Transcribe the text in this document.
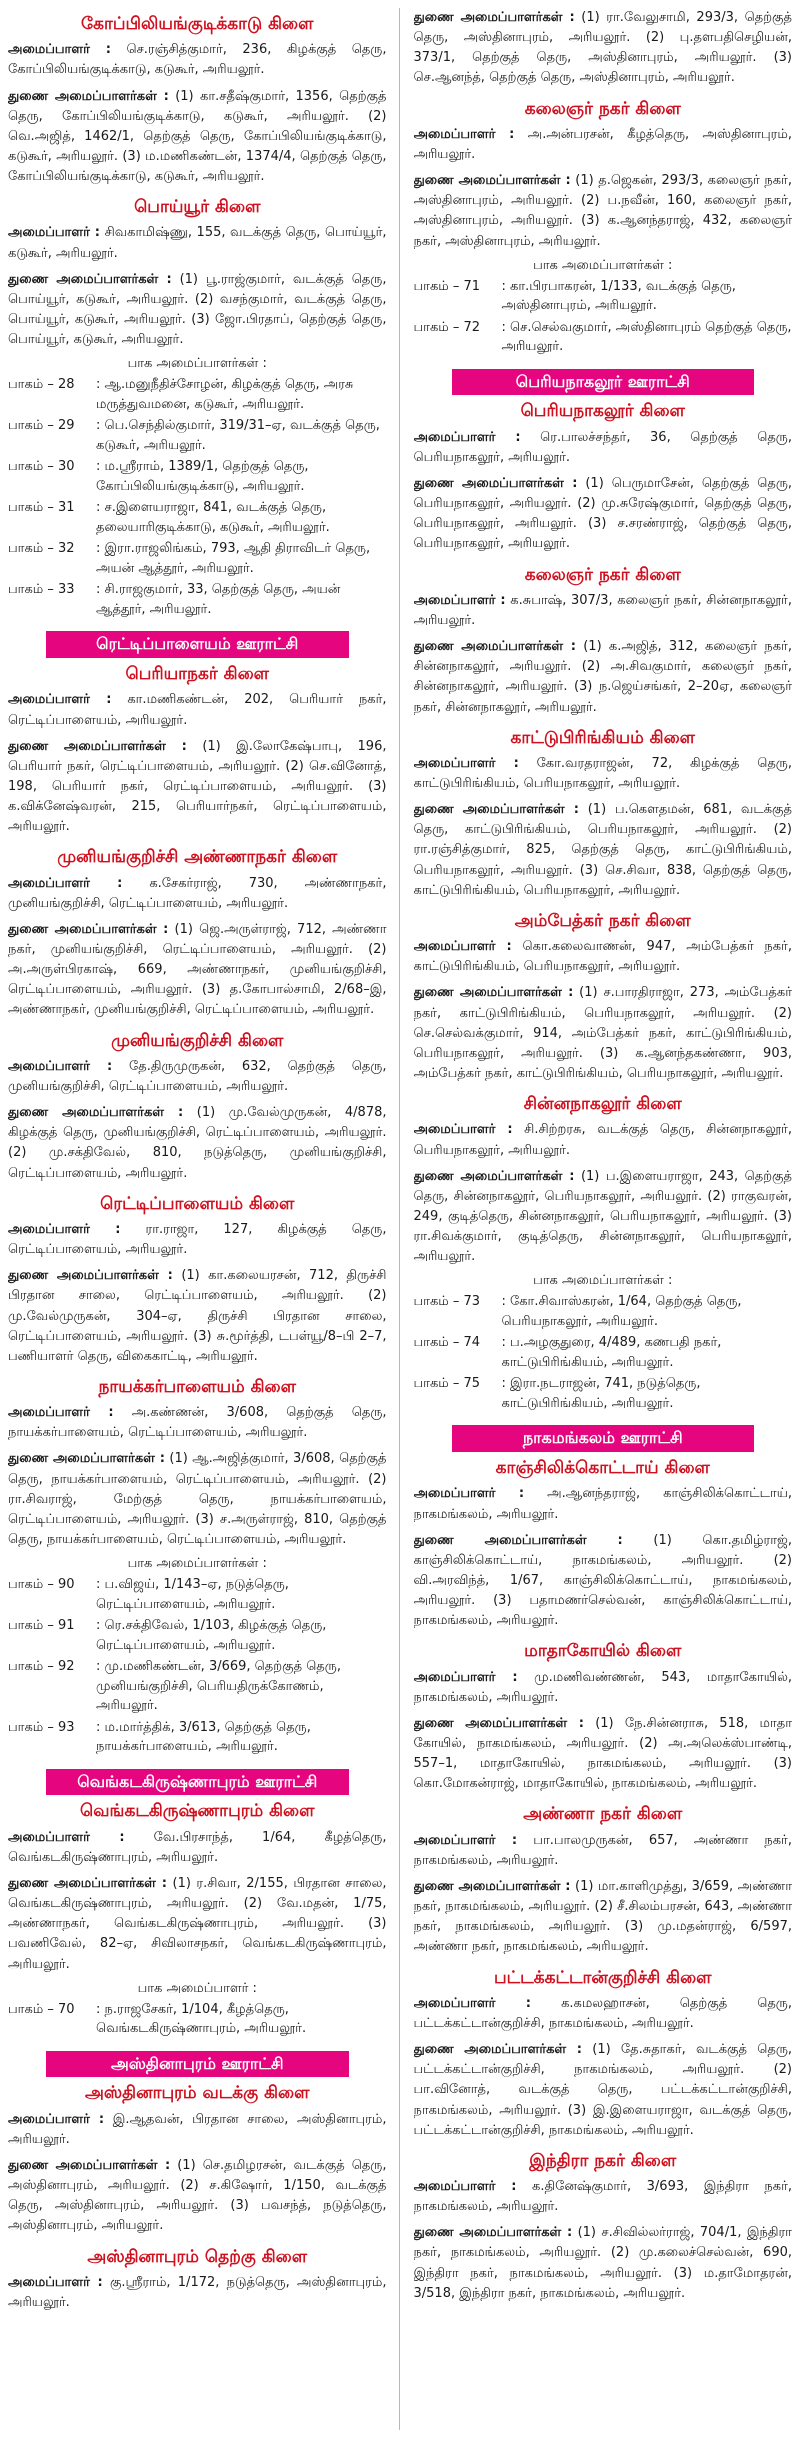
கோப்பிலியங்குடிக்காடு கிளை

அமைப்பாளர் : செ.ரஞ்சித்குமார், 236, கிழக்குத் தெரு, கோப்பிலியங்குடிக்காடு, கடுகூர், அரியலூர்.

துணை அமைப்பாளர்கள் : (1) கா.சதீஷ்குமார், 1356, தெற்குத் தெரு, கோப்பிலியங்குடிக்காடு, கடுகூர், அரியலூர். (2) வெ.அஜித், 1462/1, தெற்குத் தெரு, கோப்பிலியங்குடிக்காடு, கடுகூர், அரியலூர். (3) ம.மணிகண்டன், 1374/4, தெற்குத் தெரு, கோப்பிலியங்குடிக்காடு, கடுகூர், அரியலூர்.

பொய்யூர் கிளை

அமைப்பாளர் : சிவகாமிஷ்ணு, 155, வடக்குத் தெரு, பொய்யூர், கடுகூர், அரியலூர்.

துணை அமைப்பாளர்கள் : (1) பூ.ராஜ்குமார், வடக்குத் தெரு, பொய்யூர், கடுகூர், அரியலூர். (2) வசந்குமார், வடக்குத் தெரு, பொய்யூர், கடுகூர், அரியலூர். (3) ஜோ.பிரதாப், தெற்குத் தெரு, பொய்யூர், கடுகூர், அரியலூர்.

பாக அமைப்பாளர்கள் :
பாகம் – 28	: ஆ.மனுநீதிச்சோழன், கிழக்குத் தெரு, அரசு மருத்துவமனை, கடுகூர், அரியலூர்.
பாகம் – 29	: பெ.செந்தில்குமார், 319/31–ஏ, வடக்குத் தெரு, கடுகூர், அரியலூர்.
பாகம் – 30	: ம.ஸ்ரீராம், 1389/1, தெற்குத் தெரு, கோப்பிலியங்குடிக்காடு, அரியலூர்.
பாகம் – 31	: ச.இளையராஜா, 841, வடக்குத் தெரு, தலையாரிகுடிக்காடு, கடுகூர், அரியலூர்.
பாகம் – 32	: இரா.ராஜலிங்கம், 793, ஆதி திராவிடர் தெரு, அயன் ஆத்தூர், அரியலூர்.
பாகம் – 33	: சி.ராஜகுமார், 33, தெற்குத் தெரு, அயன் ஆத்தூர், அரியலூர்.
ரெட்டிப்பாளையம் ஊராட்சி
பெரியாநகர் கிளை

அமைப்பாளர் : கா.மணிகண்டன், 202, பெரியார் நகர், ரெட்டிப்பாளையம், அரியலூர்.

துணை அமைப்பாளர்கள் : (1) இ.லோகேஷ்பாபு, 196, பெரியார் நகர், ரெட்டிப்பாளையம், அரியலூர். (2) செ.வினோத், 198, பெரியார் நகர், ரெட்டிப்பாளையம், அரியலூர். (3) க.விக்னேஷ்வரன், 215, பெரியார்நகர், ரெட்டிப்பாளையம், அரியலூர்.

முனியங்குறிச்சி அண்ணாநகர் கிளை

அமைப்பாளர் : க.சேகர்ராஜ், 730, அண்ணாநகர், முனியங்குறிச்சி, ரெட்டிப்பாளையம், அரியலூர்.

துணை அமைப்பாளர்கள் : (1) ஜெ.அருள்ராஜ், 712, அண்ணா நகர், முனியங்குறிச்சி, ரெட்டிப்பாளையம், அரியலூர். (2) அ.அருள்பிரகாஷ், 669, அண்ணாநகர், முனியங்குறிச்சி, ரெட்டிப்பாளையம், அரியலூர். (3) த.கோபால்சாமி, 2/68–இ, அண்ணாநகர், முனியங்குறிச்சி, ரெட்டிப்பாளையம், அரியலூர்.

முனியங்குறிச்சி கிளை

அமைப்பாளர் : தே.திருமுருகன், 632, தெற்குத் தெரு, முனியங்குறிச்சி, ரெட்டிப்பாளையம், அரியலூர்.

துணை அமைப்பாளர்கள் : (1) மு.வேல்முருகன், 4/878, கிழக்குத் தெரு, முனியங்குறிச்சி, ரெட்டிப்பாளையம், அரியலூர். (2) மு.சக்திவேல், 810, நடுத்தெரு, முனியங்குறிச்சி, ரெட்டிப்பாளையம், அரியலூர்.

ரெட்டிப்பாளையம் கிளை

அமைப்பாளர் : ரா.ராஜா, 127, கிழக்குத் தெரு, ரெட்டிப்பாளையம், அரியலூர்.

துணை அமைப்பாளர்கள் : (1) கா.கலையரசன், 712, திருச்சி பிரதான சாலை, ரெட்டிப்பாளையம், அரியலூர். (2) மு.வேல்முருகன், 304–ஏ, திருச்சி பிரதான சாலை, ரெட்டிப்பாளையம், அரியலூர். (3) சு.மூர்த்தி, டபள்யூ/8–பி 2–7, பணியாளர் தெரு, விகைகாட்டி, அரியலூர்.

நாயக்கர்பாளையம் கிளை

அமைப்பாளர் : அ.கண்ணன், 3/608, தெற்குத் தெரு, நாயக்கர்பாளையம், ரெட்டிப்பாளையம், அரியலூர்.

துணை அமைப்பாளர்கள் : (1) ஆ.அஜித்குமார், 3/608, தெற்குத் தெரு, நாயக்கர்பாளையம், ரெட்டிப்பாளையம், அரியலூர். (2) ரா.சிவராஜ், மேற்குத் தெரு, நாயக்கர்பாளையம், ரெட்டிப்பாளையம், அரியலூர். (3) ச.அருள்ராஜ், 810, தெற்குத் தெரு, நாயக்கர்பாளையம், ரெட்டிப்பாளையம், அரியலூர்.

பாக அமைப்பாளர்கள் :
பாகம் – 90	: ப.விஜய், 1/143–ஏ, நடுத்தெரு, ரெட்டிப்பாளையம், அரியலூர்.
பாகம் – 91	: ரெ.சக்திவேல், 1/103, கிழக்குத் தெரு, ரெட்டிப்பாளையம், அரியலூர்.
பாகம் – 92	: மு.மணிகண்டன், 3/669, தெற்குத் தெரு, முனியங்குறிச்சி, பெரியதிருக்கோணம், அரியலூர்.
பாகம் – 93	: ம.மார்த்திக், 3/613, தெற்குத் தெரு, நாயக்கர்பாளையம், அரியலூர்.
வெங்கடகிருஷ்ணாபுரம் ஊராட்சி
வெங்கடகிருஷ்ணாபுரம் கிளை

அமைப்பாளர் : வே.பிரசாந்த், 1/64, கீழத்தெரு, வெங்கடகிருஷ்ணாபுரம், அரியலூர்.

துணை அமைப்பாளர்கள் : (1) ர.சிவா, 2/155, பிரதான சாலை, வெங்கடகிருஷ்ணாபுரம், அரியலூர். (2) வே.மதன், 1/75, அண்ணாநகர், வெங்கடகிருஷ்ணாபுரம், அரியலூர். (3) பவணிவேல், 82–ஏ, சிவிலாசநகர், வெங்கடகிருஷ்ணாபுரம், அரியலூர்.

பாக அமைப்பாளர் :
பாகம் – 70	: ந.ராஜசேகர், 1/104, கீழத்தெரு, வெங்கடகிருஷ்ணாபுரம், அரியலூர்.
அஸ்தினாபுரம் ஊராட்சி
அஸ்தினாபுரம் வடக்கு கிளை

அமைப்பாளர் : இ.ஆதவன், பிரதான சாலை, அஸ்தினாபுரம், அரியலூர்.

துணை அமைப்பாளர்கள் : (1) செ.தமிழரசன், வடக்குத் தெரு, அஸ்தினாபுரம், அரியலூர். (2) ச.கிஷோர், 1/150, வடக்குத் தெரு, அஸ்தினாபுரம், அரியலூர். (3) பவசந்த், நடுத்தெரு, அஸ்தினாபுரம், அரியலூர்.

அஸ்தினாபுரம் தெற்கு கிளை

அமைப்பாளர் : கு.ஸ்ரீராம், 1/172, நடுத்தெரு, அஸ்தினாபுரம், அரியலூர்.

துணை அமைப்பாளர்கள் : (1) ரா.வேலுசாமி, 293/3, தெற்குத் தெரு, அஸ்தினாபுரம், அரியலூர். (2) பு.தளபதிசெழியன், 373/1, தெற்குத் தெரு, அஸ்தினாபுரம், அரியலூர். (3) செ.ஆனந்த், தெற்குத் தெரு, அஸ்தினாபுரம், அரியலூர்.

கலைஞர் நகர் கிளை

அமைப்பாளர் : அ.அன்பரசன், கீழத்தெரு, அஸ்தினாபுரம், அரியலூர்.

துணை அமைப்பாளர்கள் : (1) த.ஜெகன், 293/3, கலைஞர் நகர், அஸ்தினாபுரம், அரியலூர். (2) ப.நவீன், 160, கலைஞர் நகர், அஸ்தினாபுரம், அரியலூர். (3) க.ஆனந்தராஜ், 432, கலைஞர் நகர், அஸ்தினாபுரம், அரியலூர்.

பாக அமைப்பாளர்கள் :
பாகம் – 71	: கா.பிரபாகரன், 1/133, வடக்குத் தெரு, அஸ்தினாபுரம், அரியலூர்.
பாகம் – 72	: செ.செல்வகுமார், அஸ்தினாபுரம் தெற்குத் தெரு, அரியலூர்.
பெரியநாகலூர் ஊராட்சி
பெரியநாகலூர் கிளை

அமைப்பாளர் : ரெ.பாலச்சந்தர், 36, தெற்குத் தெரு, பெரியநாகலூர், அரியலூர்.

துணை அமைப்பாளர்கள் : (1) பெருமாசேன், தெற்குத் தெரு, பெரியநாகலூர், அரியலூர். (2) மு.சுரேஷ்குமார், தெற்குத் தெரு, பெரியநாகலூர், அரியலூர். (3) ச.சரண்ராஜ், தெற்குத் தெரு, பெரியநாகலூர், அரியலூர்.

கலைஞர் நகர் கிளை

அமைப்பாளர் : க.சுபாஷ், 307/3, கலைஞர் நகர், சின்னநாகலூர், அரியலூர்.

துணை அமைப்பாளர்கள் : (1) க.அஜித், 312, கலைஞர் நகர், சின்னநாகலூர், அரியலூர். (2) அ.சிவகுமார், கலைஞர் நகர், சின்னநாகலூர், அரியலூர். (3) ந.ஜெய்சங்கர், 2–20ஏ, கலைஞர் நகர், சின்னநாகலூர், அரியலூர்.

காட்டுபிரிங்கியம் கிளை

அமைப்பாளர் : கோ.வரதராஜன், 72, கிழக்குத் தெரு, காட்டுபிரிங்கியம், பெரியநாகலூர், அரியலூர்.

துணை அமைப்பாளர்கள் : (1) ப.கௌதமன், 681, வடக்குத் தெரு, காட்டுபிரிங்கியம், பெரியநாகலூர், அரியலூர். (2) ரா.ரஞ்சித்குமார், 825, தெற்குத் தெரு, காட்டுபிரிங்கியம், பெரியநாகலூர், அரியலூர். (3) செ.சிவா, 838, தெற்குத் தெரு, காட்டுபிரிங்கியம், பெரியநாகலூர், அரியலூர்.

அம்பேத்கர் நகர் கிளை

அமைப்பாளர் : கொ.கலைவாணன், 947, அம்பேத்கர் நகர், காட்டுபிரிங்கியம், பெரியநாகலூர், அரியலூர்.

துணை அமைப்பாளர்கள் : (1) ச.பாரதிராஜா, 273, அம்பேத்கர் நகர், காட்டுபிரிங்கியம், பெரியநாகலூர், அரியலூர். (2) செ.செல்வக்குமார், 914, அம்பேத்கர் நகர், காட்டுபிரிங்கியம், பெரியநாகலூர், அரியலூர். (3) க.ஆனந்தகண்ணா, 903, அம்பேத்கர் நகர், காட்டுபிரிங்கியம், பெரியநாகலூர், அரியலூர்.

சின்னநாகலூர் கிளை

அமைப்பாளர் : சி.சிற்றரசு, வடக்குத் தெரு, சின்னநாகலூர், பெரியநாகலூர், அரியலூர்.

துணை அமைப்பாளர்கள் : (1) ப.இளையராஜா, 243, தெற்குத் தெரு, சின்னநாகலூர், பெரியநாகலூர், அரியலூர். (2) ராகுவரன், 249, குடித்தெரு, சின்னநாகலூர், பெரியநாகலூர், அரியலூர். (3) ரா.சிவக்குமார், குடித்தெரு, சின்னநாகலூர், பெரியநாகலூர், அரியலூர்.

பாக அமைப்பாளர்கள் :
பாகம் – 73	: கோ.சிவாஸ்கரன், 1/64, தெற்குத் தெரு, பெரியநாகலூர், அரியலூர்.
பாகம் – 74	: ப.அழகுதுரை, 4/489, கணபதி நகர், காட்டுபிரிங்கியம், அரியலூர்.
பாகம் – 75	: இரா.நடராஜன், 741, நடுத்தெரு, காட்டுபிரிங்கியம், அரியலூர்.
நாகமங்கலம் ஊராட்சி
காஞ்சிலிக்கொட்டாய் கிளை

அமைப்பாளர் : அ.ஆனந்தராஜ், காஞ்சிலிக்கொட்டாய், நாகமங்கலம், அரியலூர்.

துணை அமைப்பாளர்கள் : (1) கொ.தமிழ்ராஜ், காஞ்சிலிக்கொட்டாய், நாகமங்கலம், அரியலூர். (2) வி.அரவிந்த், 1/67, காஞ்சிலிக்கொட்டாய், நாகமங்கலம், அரியலூர். (3) பதாமணர்செல்வன், காஞ்சிலிக்கொட்டாய், நாகமங்கலம், அரியலூர்.

மாதாகோயில் கிளை

அமைப்பாளர் : மு.மணிவண்ணன், 543, மாதாகோயில், நாகமங்கலம், அரியலூர்.

துணை அமைப்பாளர்கள் : (1) நே.சின்னராசு, 518, மாதா கோயில், நாகமங்கலம், அரியலூர். (2) அ.அலெக்ஸ்பாண்டி, 557–1, மாதாகோயில், நாகமங்கலம், அரியலூர். (3) கொ.மோகன்ராஜ், மாதாகோயில், நாகமங்கலம், அரியலூர்.

அண்ணா நகர் கிளை

அமைப்பாளர் : பா.பாலமுருகன், 657, அண்ணா நகர், நாகமங்கலம், அரியலூர்.

துணை அமைப்பாளர்கள் : (1) மா.காளிமுத்து, 3/659, அண்ணா நகர், நாகமங்கலம், அரியலூர். (2) சீ.சிலம்பரசன், 643, அண்ணா நகர், நாகமங்கலம், அரியலூர். (3) மு.மதன்ராஜ், 6/597, அண்ணா நகர், நாகமங்கலம், அரியலூர்.

பட்டக்கட்டான்குறிச்சி கிளை

அமைப்பாளர் : க.கமலஹாசன், தெற்குத் தெரு, பட்டக்கட்டான்குறிச்சி, நாகமங்கலம், அரியலூர்.

துணை அமைப்பாளர்கள் : (1) தே.சுதாகர், வடக்குத் தெரு, பட்டக்கட்டான்குறிச்சி, நாகமங்கலம், அரியலூர். (2) பா.வினோத், வடக்குத் தெரு, பட்டக்கட்டான்குறிச்சி, நாகமங்கலம், அரியலூர். (3) இ.இளையராஜா, வடக்குத் தெரு, பட்டக்கட்டான்குறிச்சி, நாகமங்கலம், அரியலூர்.

இந்திரா நகர் கிளை

அமைப்பாளர் : க.தினேஷ்குமார், 3/693, இந்திரா நகர், நாகமங்கலம், அரியலூர்.

துணை அமைப்பாளர்கள் : (1) ச.சிவில்லர்ராஜ், 704/1, இந்திரா நகர், நாகமங்கலம், அரியலூர். (2) மு.கலைச்செல்வன், 690, இந்திரா நகர், நாகமங்கலம், அரியலூர். (3) ம.தாமோதரன், 3/518, இந்திரா நகர், நாகமங்கலம், அரியலூர்.
